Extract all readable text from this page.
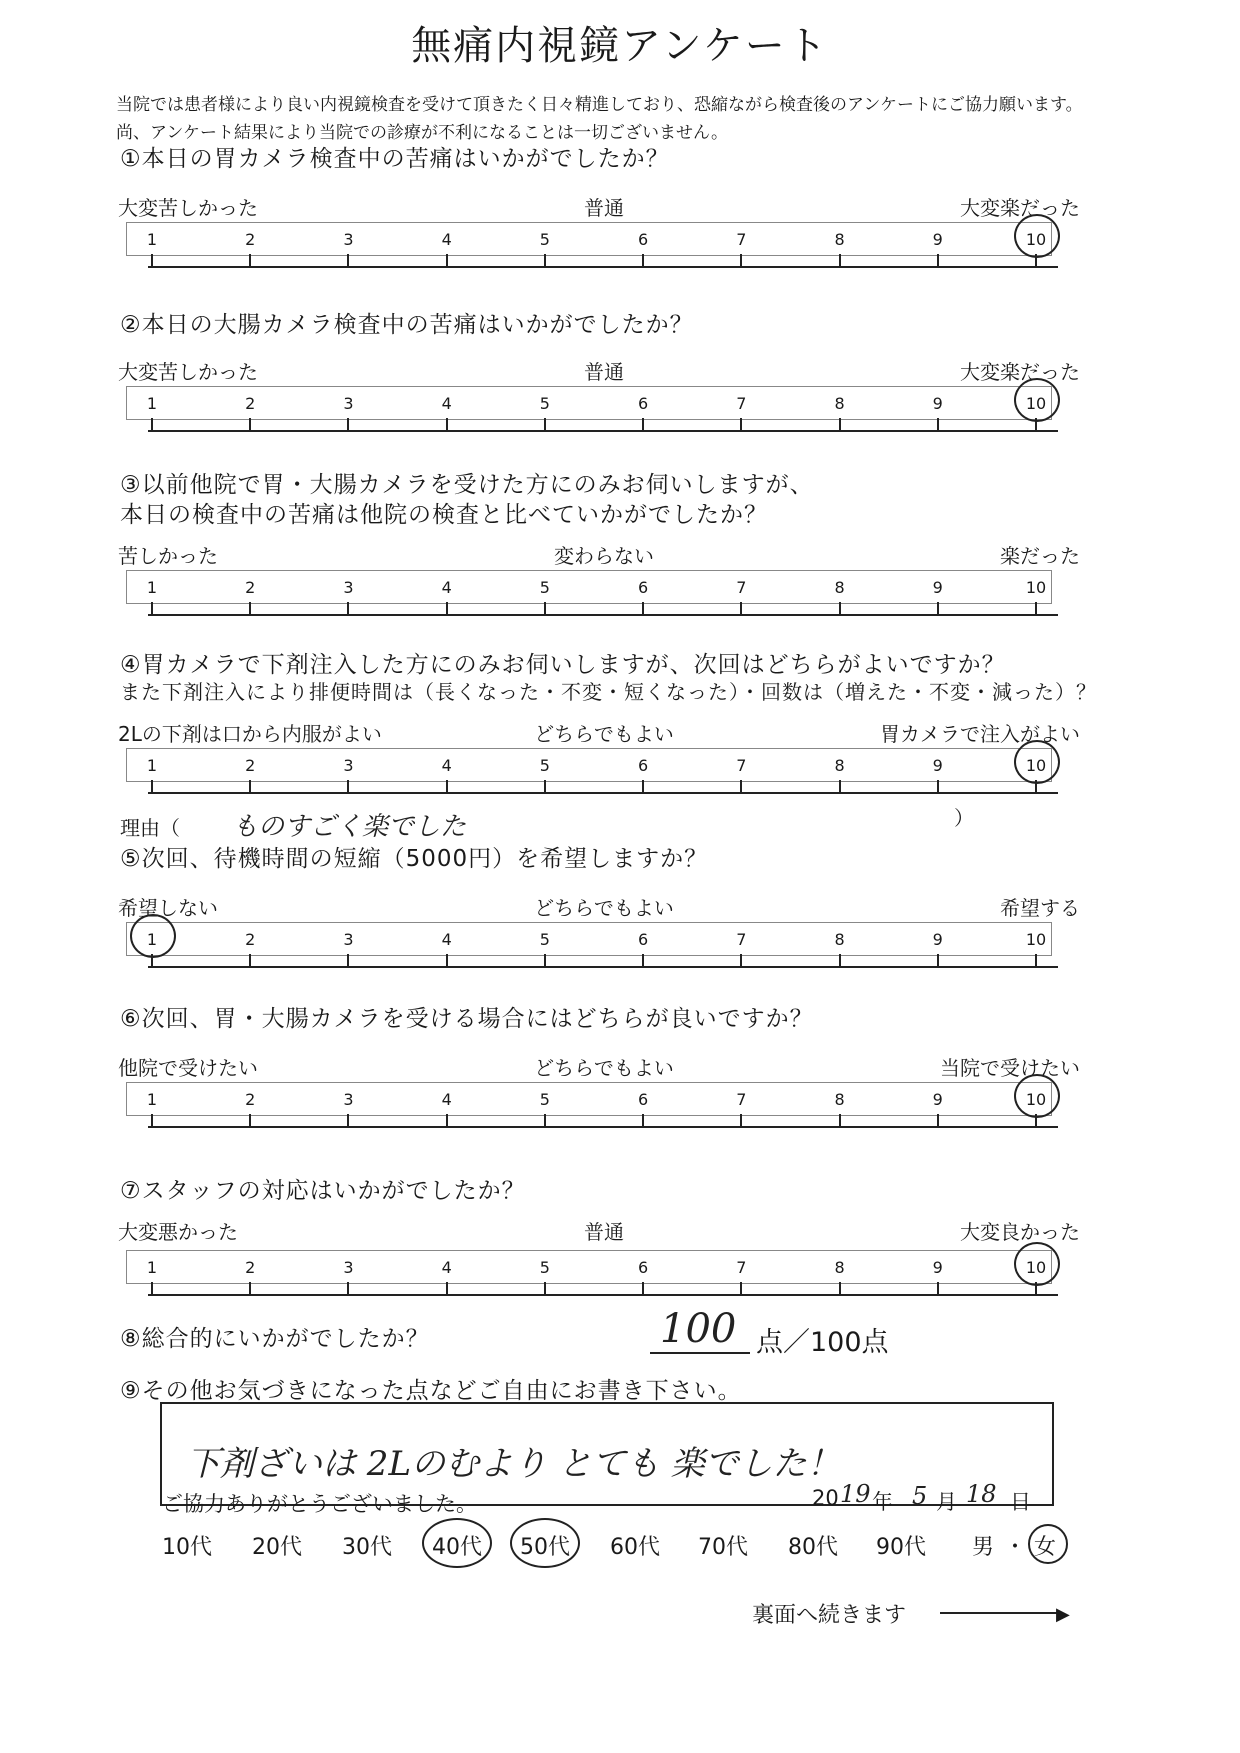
無痛内視鏡アンケート
当院では患者様により良い内視鏡検査を受けて頂きたく日々精進しており、恐縮ながら検査後のアンケートにご協力願います。
尚、アンケート結果により当院での診療が不利になることは一切ございません。
①本日の胃カメラ検査中の苦痛はいかがでしたか？
大変苦しかった	普通	大変楽だった
1	2	3	4	5	6	7	8	9	10
②本日の大腸カメラ検査中の苦痛はいかがでしたか？
大変苦しかった	普通	大変楽だった
1	2	3	4	5	6	7	8	9	10
③以前他院で胃・大腸カメラを受けた方にのみお伺いしますが、
本日の検査中の苦痛は他院の検査と比べていかがでしたか？
苦しかった	変わらない	楽だった
1	2	3	4	5	6	7	8	9	10
④胃カメラで下剤注入した方にのみお伺いしますが、次回はどちらがよいですか？
また下剤注入により排便時間は（長くなった・不変・短くなった）・回数は（増えた・不変・減った）？
2Lの下剤は口から内服がよい	どちらでもよい	胃カメラで注入がよい
1	2	3	4	5	6	7	8	9	10
⑤次回、待機時間の短縮（5000円）を希望しますか？
希望しない	どちらでもよい	希望する
1	2	3	4	5	6	7	8	9	10
⑥次回、胃・大腸カメラを受ける場合にはどちらが良いですか？
他院で受けたい	どちらでもよい	当院で受けたい
1	2	3	4	5	6	7	8	9	10
⑦スタッフの対応はいかがでしたか？
大変悪かった	普通	大変良かった
1	2	3	4	5	6	7	8	9	10
理由（	）
ものすごく楽でした
⑧総合的にいかがでしたか？	100 点／100点
⑨その他お気づきになった点などご自由にお書き下さい。
下剤ざいは 2Lのむより とても 楽でした！
ご協力ありがとうございました。	20 19 年 5 月 18 日
10代 20代 30代 40代 50代 60代 70代 80代 90代 男 ・ 女
裏面へ続きます	▶
